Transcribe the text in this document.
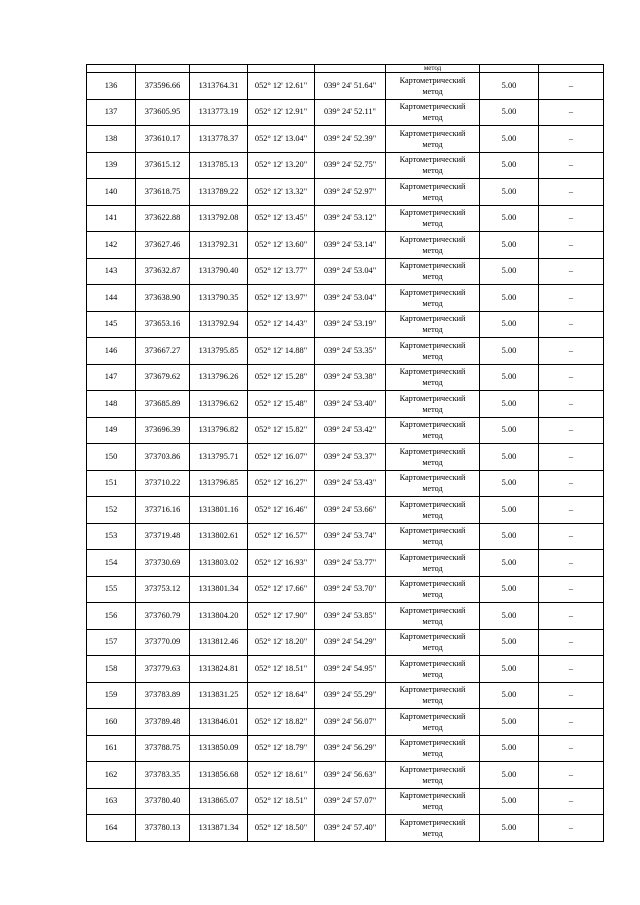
					метод		
136	373596.66	1313764.31	052° 12' 12.61"	039° 24' 51.64"	Картометрический
метод	5.00	–
137	373605.95	1313773.19	052° 12' 12.91"	039° 24' 52.11"	Картометрический
метод	5.00	–
138	373610.17	1313778.37	052° 12' 13.04"	039° 24' 52.39"	Картометрический
метод	5.00	–
139	373615.12	1313785.13	052° 12' 13.20"	039° 24' 52.75"	Картометрический
метод	5.00	–
140	373618.75	1313789.22	052° 12' 13.32"	039° 24' 52.97"	Картометрический
метод	5.00	–
141	373622.88	1313792.08	052° 12' 13.45"	039° 24' 53.12"	Картометрический
метод	5.00	–
142	373627.46	1313792.31	052° 12' 13.60"	039° 24' 53.14"	Картометрический
метод	5.00	–
143	373632.87	1313790.40	052° 12' 13.77"	039° 24' 53.04"	Картометрический
метод	5.00	–
144	373638.90	1313790.35	052° 12' 13.97"	039° 24' 53.04"	Картометрический
метод	5.00	–
145	373653.16	1313792.94	052° 12' 14.43"	039° 24' 53.19"	Картометрический
метод	5.00	–
146	373667.27	1313795.85	052° 12' 14.88"	039° 24' 53.35"	Картометрический
метод	5.00	–
147	373679.62	1313796.26	052° 12' 15.28"	039° 24' 53.38"	Картометрический
метод	5.00	–
148	373685.89	1313796.62	052° 12' 15.48"	039° 24' 53.40"	Картометрический
метод	5.00	–
149	373696.39	1313796.82	052° 12' 15.82"	039° 24' 53.42"	Картометрический
метод	5.00	–
150	373703.86	1313795.71	052° 12' 16.07"	039° 24' 53.37"	Картометрический
метод	5.00	–
151	373710.22	1313796.85	052° 12' 16.27"	039° 24' 53.43"	Картометрический
метод	5.00	–
152	373716.16	1313801.16	052° 12' 16.46"	039° 24' 53.66"	Картометрический
метод	5.00	–
153	373719.48	1313802.61	052° 12' 16.57"	039° 24' 53.74"	Картометрический
метод	5.00	–
154	373730.69	1313803.02	052° 12' 16.93"	039° 24' 53.77"	Картометрический
метод	5.00	–
155	373753.12	1313801.34	052° 12' 17.66"	039° 24' 53.70"	Картометрический
метод	5.00	–
156	373760.79	1313804.20	052° 12' 17.90"	039° 24' 53.85"	Картометрический
метод	5.00	–
157	373770.09	1313812.46	052° 12' 18.20"	039° 24' 54.29"	Картометрический
метод	5.00	–
158	373779.63	1313824.81	052° 12' 18.51"	039° 24' 54.95"	Картометрический
метод	5.00	–
159	373783.89	1313831.25	052° 12' 18.64"	039° 24' 55.29"	Картометрический
метод	5.00	–
160	373789.48	1313846.01	052° 12' 18.82"	039° 24' 56.07"	Картометрический
метод	5.00	–
161	373788.75	1313850.09	052° 12' 18.79"	039° 24' 56.29"	Картометрический
метод	5.00	–
162	373783.35	1313856.68	052° 12' 18.61"	039° 24' 56.63"	Картометрический
метод	5.00	–
163	373780.40	1313865.07	052° 12' 18.51"	039° 24' 57.07"	Картометрический
метод	5.00	–
164	373780.13	1313871.34	052° 12' 18.50"	039° 24' 57.40"	Картометрический
метод	5.00	–
